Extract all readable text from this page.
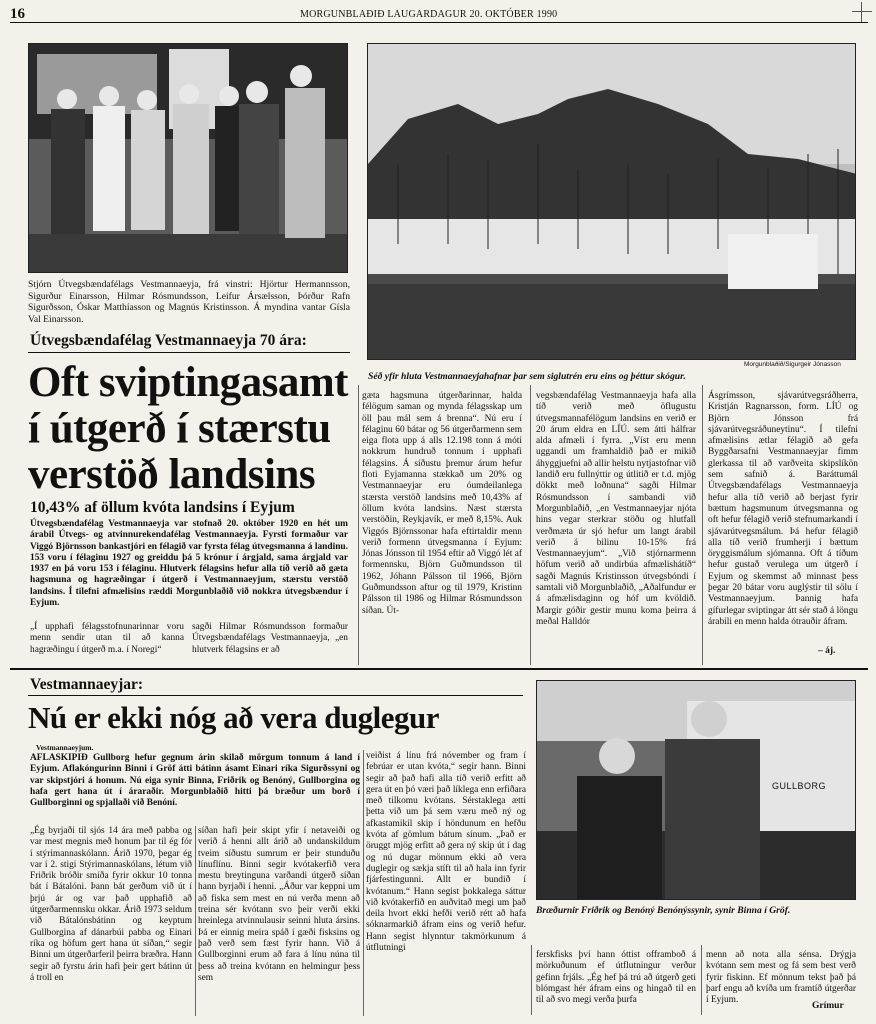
16	MORGUNBLAÐIÐ LAUGARDAGUR 20. OKTÓBER 1990
Stjórn Útvegsbændafélags Vestmannaeyja, frá vinstri: Hjörtur Hermannsson, Sigurður Einarsson, Hilmar Rósmundsson, Leifur Ársælsson, Þórður Rafn Sigurðsson, Óskar Matthíasson og Magnús Kristinsson. Á myndina vantar Gísla Val Einarsson.
Morgunblaðið/Sigurgeir Jónasson
Séð yfir hluta Vestmannaeyjahafnar þar sem siglutrén eru eins og þéttur skógur.
Útvegsbændafélag Vestmannaeyja 70 ára:
Oft sviptingasamt
í útgerð í stærstu
verstöð landsins
10,43% af öllum kvóta landsins í Eyjum
Útvegsbændafélag Vestmannaeyja var stofnað 20. október 1920 en hét um árabil Útvegs- og atvinnurekendafélag Vestmannaeyja. Fyrsti formaður var Viggó Björnsson bankastjóri en félagið var fyrsta félag útvegsmanna á landinu. 153 voru í félaginu 1927 og greiddu þá 5 krónur í árgjald, sama árgjald var 1937 en þá voru 153 í félaginu. Hlutverk félagsins hefur alla tíð verið að gæta hagsmuna og hagræðingar í útgerð í Vestmannaeyjum, stærstu verstöð landsins. Í tilefni afmælisins ræddi Morgunblaðið við nokkra útvegsbændur í Eyjum.
„Í upphafi félagsstofnunarinnar voru menn sendir utan til að kanna hagræðingu í útgerð m.a. í Noregi“
sagði Hilmar Rósmundsson formaður Útvegsbændafélags Vestmannaeyja, „en hlutverk félagsins er að
gæta hagsmuna útgerðarinnar, halda félögum saman og mynda félagsskap um öll þau mál sem á brenna“. Nú eru í félaginu 60 bátar og 56 útgerðarmenn sem eiga flota upp á alls 12.198 tonn á móti nokkrum hundruð tonnum í upphafi félagsins. Á síðustu þremur árum hefur floti Eyjamanna stækkað um 20% og Vestmannaeyjar eru óumdeilanlega stærsta verstöð landsins með 10,43% af öllum kvóta landsins. Næst stærsta verstöðin, Reykjavík, er með 8,15%. Auk Viggós Björnssonar hafa eftirtaldir menn verið formenn útvegsmanna í Eyjum: Jónas Jónsson til 1954 eftir að Viggó lét af formennsku, Björn Guðmundsson til 1962, Jóhann Pálsson til 1966, Björn Guðmundsson aftur og til 1979, Kristinn Pálsson til 1986 og Hilmar Rósmundsson síðan. Út-
vegsbændafélag Vestmannaeyja hafa alla tíð verið með öflugustu útvegsmannafélögum landsins en verið er 20 árum eldra en LÍÚ. sem átti hálfrar alda afmæli í fyrra. „Víst eru menn uggandi um framhaldið það er mikið áhyggjuefni að allir helstu nytjastofnar við landið eru fullnýttir og útlitið er t.d. mjög dökkt með loðnuna“ sagði Hilmar Rósmundsson í sambandi við Morgunblaðið, „en Vestmannaeyjar njóta hins vegar sterkrar stöðu og hlutfall verðmæta úr sjó hefur um langt árabil verið á bilinu 10-15% frá Vestmannaeyjum“. „Við stjórnarmenn höfum verið að undirbúa afmælishátíð“ sagði Magnús Kristinsson útvegsbóndi í samtali við Morgunblaðið, „Aðalfundur er á afmælisdaginn og hóf um kvöldið. Margir góðir gestir munu koma þeirra á meðal Halldór
Ásgrímsson, sjávarútvegsráðherra, Kristján Ragnarsson, form. LÍÚ og Björn Jónsson frá sjávarútvegsráðuneytinu“. Í tilefni afmælisins ætlar félagið að gefa Byggðarsafni Vestmannaeyjar fimm glerkassa til að varðveita skipslíkön sem safnið á. Baráttumál Útvegsbændafélags Vestmannaeyja hefur alla tíð verið að berjast fyrir bættum hagsmunum útvegsmanna og oft hefur félagið verið stefnumarkandi í sjávarútvegsmálum. Þá hefur félagið alla tíð verið frumherji í bættum öryggismálum sjómanna. Oft á tíðum hefur gustað verulega um útgerð í Eyjum og skemmst að minnast þess þegar 20 bátar voru auglýstir til sölu í Vestmannaeyjum. Þannig hafa gífurlegar sviptingar átt sér stað á löngu árabili en menn halda ótrauðir áfram.
– áj.
Vestmannaeyjar:
Nú er ekki nóg að vera duglegur
Vestmannaeyjum.
AFLASKIPIÐ Gullborg hefur gegnum árin skilað mörgum tonnum á land í Eyjum. Aflakóngurinn Binni í Gröf átti bátinn ásamt Einari ríka Sigurðssyni og var skipstjóri á honum. Nú eiga synir Binna, Friðrik og Benóný, Gullborgina og hafa gert hana út í áraraðir. Morgunblaðið hitti þá bræður um borð í Gullborginni og spjallaði við Benóní.
„Ég byrjaði til sjós 14 ára með pabba og var mest megnis með honum þar til ég fór í stýrimannaskólann. Árið 1970, þegar ég var í 2. stigi Stýrimannaskólans, létum við Friðrik bróðir smíða fyrir okkur 10 tonna bát í Bátalóni. Þann bát gerðum við út í þrjú ár og var það upphafið að útgerðarmennsku okkar. Árið 1973 seldum við Bátalónsbátinn og keyptum Gullborgina af dánarbúi pabba og Einari ríka og höfum gert hana út síðan,“ segir Binni um útgerðarferil þeirra bræðra. Hann segir að fyrstu árin hafi þeir gert bátinn út á troll en
síðan hafi þeir skipt yfir í netaveiði og verið á henni allt árið að undanskildum tveim síðustu sumrum er þeir stunduðu línuflínu. Binni segir kvótakerfið vera mestu breytinguna varðandi útgerð síðan hann byrjaði í henni. „Áður var keppni um að fiska sem mest en nú verða menn að treina sér kvótann svo þeir verði ekki hreinlega atvinnulausir seinni hluta ársins. Þá er einnig meira spáð í gæði fisksins og það verð sem fæst fyrir hann. Við á Gullborginni erum að fara á línu núna til þess að treina kvótann en helmingur þess sem
veiðist á línu frá nóvember og fram í febrúar er utan kvóta,“ segir hann. Binni segir að það hafi alla tíð verið erfitt að gera út en þó væri það líklega enn erfiðara með tilkomu kvótans. Sérstaklega ætti þetta við um þá sem væru með ný og afkastamikil skip í höndunum en hefðu kvóta af gömlum bátum sínum. „Það er öruggt mjög erfitt að gera ný skip út í dag og nú dugar mönnum ekki að vera duglegir og sækja stíft til að hala inn fyrir fjárfestingunni. Allt er bundið í kvótanum.“ Hann segist þokkalega sáttur við kvótakerfið en auðvitað megi um það deila hvort ekki hefði verið rétt að hafa sóknarmarkið áfram eins og verið hefur. Hann segist hlynntur takmörkunum á útflutningi
ferskfisks því hann óttist offramboð á mörkuðunum ef útflutningur verður gefinn frjáls. „Ég hef þá trú að útgerð geti blómgast hér áfram eins og hingað til en til að svo megi verða þurfa
menn að nota alla sénsa. Drýgja kvótann sem mest og fá sem best verð fyrir fiskinn. Ef mönnum tekst það þá þarf engu að kvíða um framtíð útgerðar í Eyjum.
Grímur
GULLBORG
Bræðurnir Friðrik og Benóný Benónýssynir, synir Binna í Gröf.
